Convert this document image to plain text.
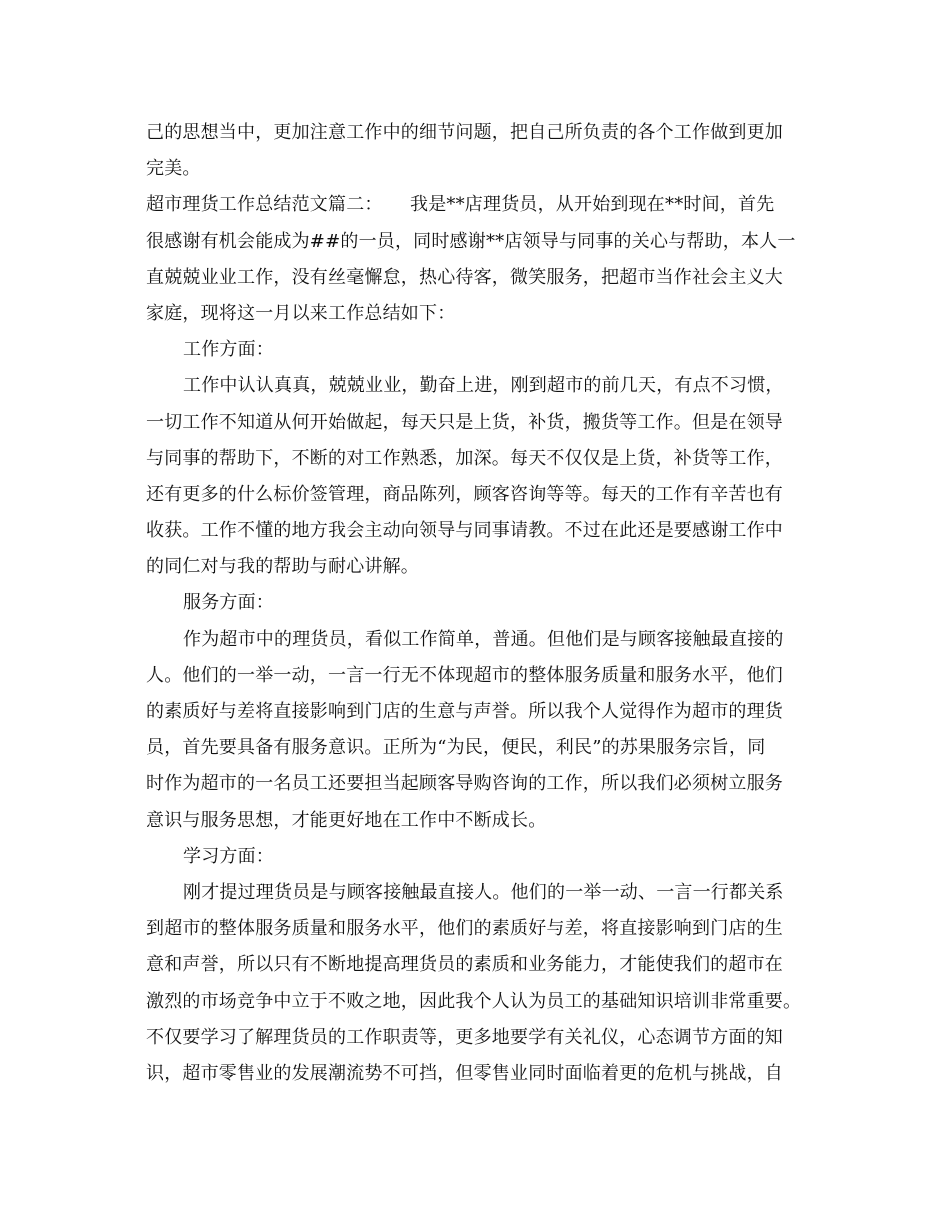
己的思想当中，更加注意工作中的细节问题，把自己所负责的各个工作做到更加
完美。
超市理货工作总结范文篇二：　　我是**店理货员，从开始到现在**时间，首先
很感谢有机会能成为##的一员，同时感谢**店领导与同事的关心与帮助，本人一
直兢兢业业工作，没有丝毫懈怠，热心待客，微笑服务，把超市当作社会主义大
家庭，现将这一月以来工作总结如下：
工作方面：
工作中认认真真，兢兢业业，勤奋上进，刚到超市的前几天，有点不习惯，
一切工作不知道从何开始做起，每天只是上货，补货，搬货等工作。但是在领导
与同事的帮助下，不断的对工作熟悉，加深。每天不仅仅是上货，补货等工作，
还有更多的什么标价签管理，商品陈列，顾客咨询等等。每天的工作有辛苦也有
收获。工作不懂的地方我会主动向领导与同事请教。不过在此还是要感谢工作中
的同仁对与我的帮助与耐心讲解。
服务方面：
作为超市中的理货员，看似工作简单，普通。但他们是与顾客接触最直接的
人。他们的一举一动，一言一行无不体现超市的整体服务质量和服务水平，他们
的素质好与差将直接影响到门店的生意与声誉。所以我个人觉得作为超市的理货
员，首先要具备有服务意识。正所为“为民，便民，利民”的苏果服务宗旨，同
时作为超市的一名员工还要担当起顾客导购咨询的工作，所以我们必须树立服务
意识与服务思想，才能更好地在工作中不断成长。
学习方面：
刚才提过理货员是与顾客接触最直接人。他们的一举一动、一言一行都关系
到超市的整体服务质量和服务水平，他们的素质好与差，将直接影响到门店的生
意和声誉，所以只有不断地提高理货员的素质和业务能力，才能使我们的超市在
激烈的市场竞争中立于不败之地，因此我个人认为员工的基础知识培训非常重要。
不仅要学习了解理货员的工作职责等，更多地要学有关礼仪，心态调节方面的知
识，超市零售业的发展潮流势不可挡，但零售业同时面临着更的危机与挑战，自
